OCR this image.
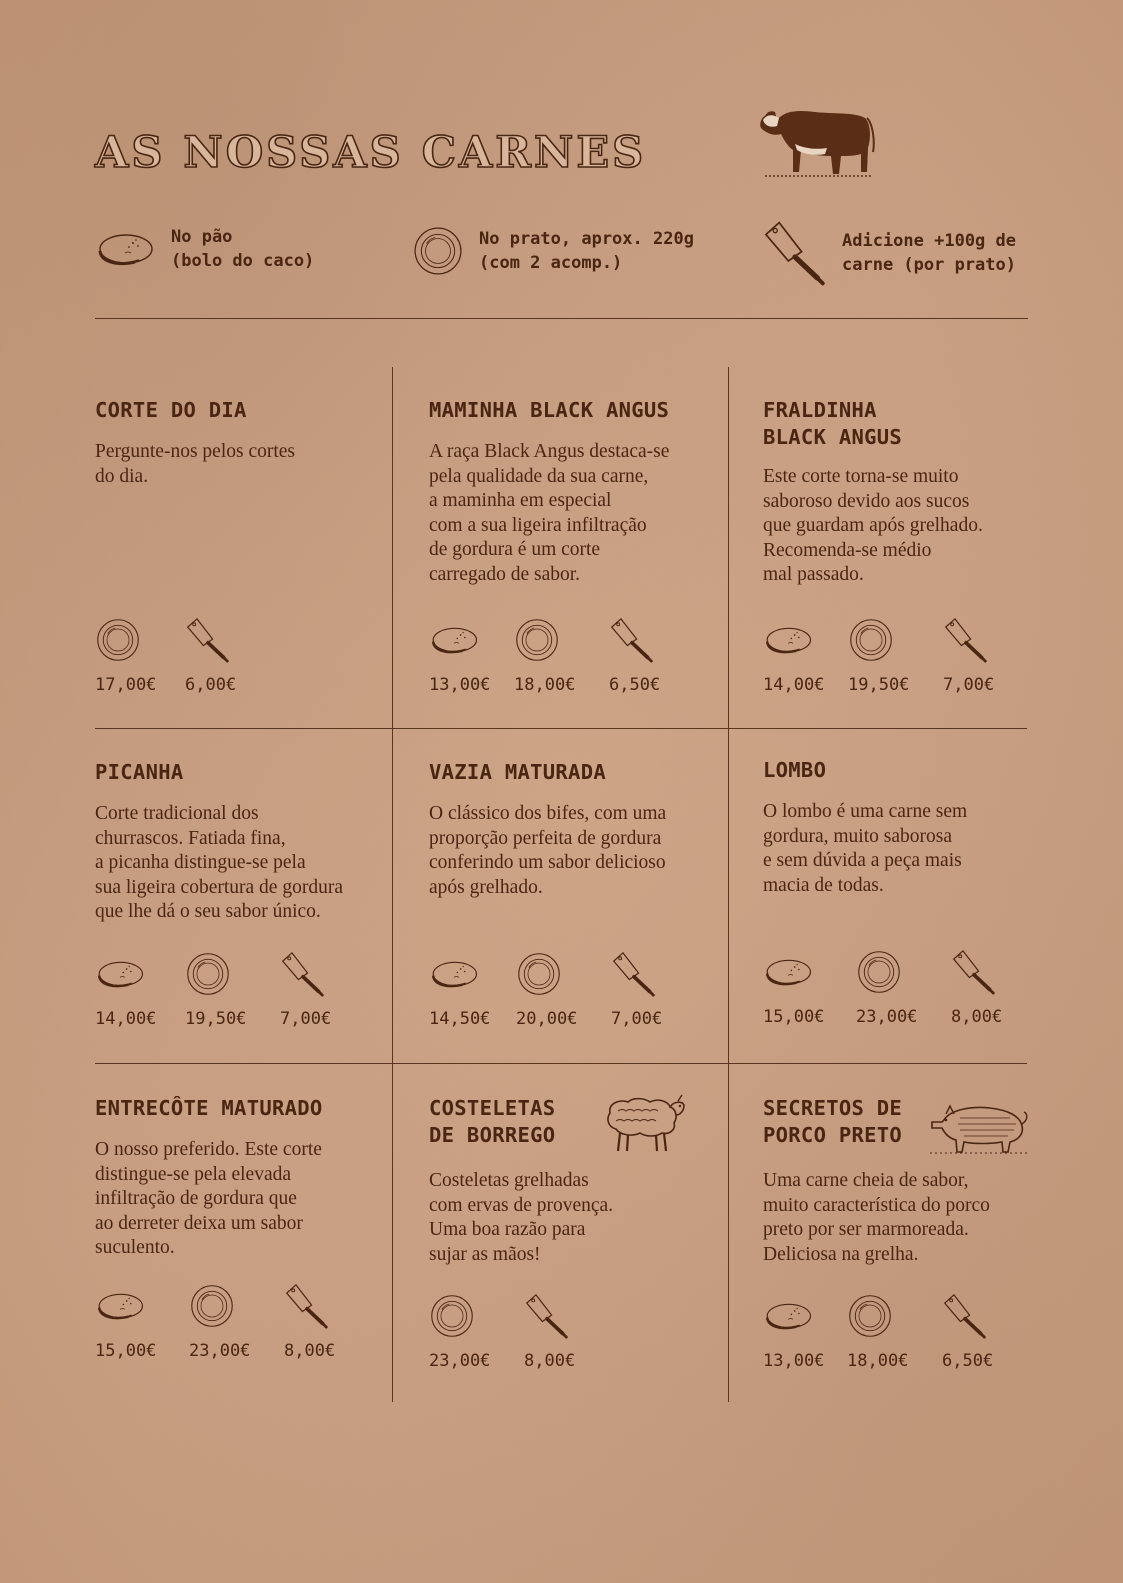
AS NOSSAS CARNES
No pão
(bolo do caco)
No prato, aprox. 220g
(com 2 acomp.)
Adicione +100g de
carne (por prato)
CORTE DO DIA

Pergunte-nos pelos cortes
do dia.

17,00€ 6,00€
MAMINHA BLACK ANGUS

A raça Black Angus destaca-se
pela qualidade da sua carne,
a maminha em especial
com a sua ligeira infiltração
de gordura é um corte
carregado de sabor.

13,00€ 18,00€ 6,50€
FRALDINHA
BLACK ANGUS

Este corte torna-se muito
saboroso devido aos sucos
que guardam após grelhado.
Recomenda-se médio
mal passado.

14,00€ 19,50€ 7,00€
PICANHA

Corte tradicional dos
churrascos. Fatiada fina,
a picanha distingue-se pela
sua ligeira cobertura de gordura
que lhe dá o seu sabor único.

14,00€ 19,50€ 7,00€
VAZIA MATURADA

O clássico dos bifes, com uma
proporção perfeita de gordura
conferindo um sabor delicioso
após grelhado.

14,50€ 20,00€ 7,00€
LOMBO

O lombo é uma carne sem
gordura, muito saborosa
e sem dúvida a peça mais
macia de todas.

15,00€ 23,00€ 8,00€
ENTRECÔTE MATURADO

O nosso preferido. Este corte
distingue-se pela elevada
infiltração de gordura que
ao derreter deixa um sabor
suculento.

15,00€ 23,00€ 8,00€
COSTELETAS
DE BORREGO

Costeletas grelhadas
com ervas de provença.
Uma boa razão para
sujar as mãos!

23,00€ 8,00€
SECRETOS DE
PORCO PRETO

Uma carne cheia de sabor,
muito característica do porco
preto por ser marmoreada.
Deliciosa na grelha.

13,00€ 18,00€ 6,50€
